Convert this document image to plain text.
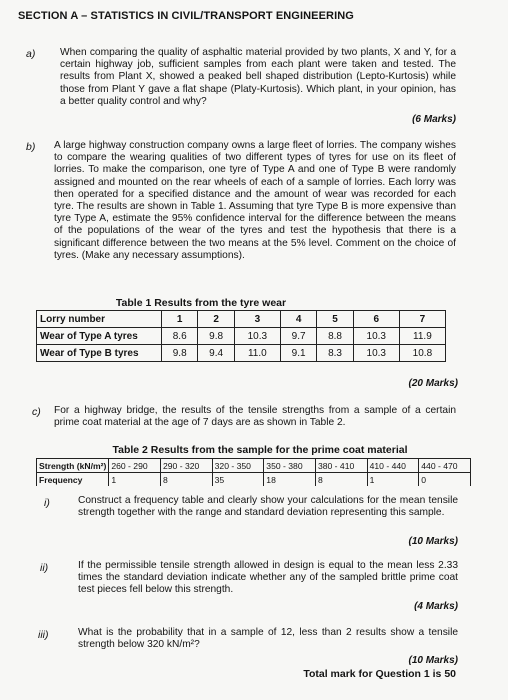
SECTION A – STATISTICS IN CIVIL/TRANSPORT ENGINEERING
a) When comparing the quality of asphaltic material provided by two plants, X and Y, for a certain highway job, sufficient samples from each plant were taken and tested. The results from Plant X, showed a peaked bell shaped distribution (Lepto-Kurtosis) while those from Plant Y gave a flat shape (Platy-Kurtosis). Which plant, in your opinion, has a better quality control and why?
(6 Marks)
b) A large highway construction company owns a large fleet of lorries. The company wishes to compare the wearing qualities of two different types of tyres for use on its fleet of lorries. To make the comparison, one tyre of Type A and one of Type B were randomly assigned and mounted on the rear wheels of each of a sample of lorries. Each lorry was then operated for a specified distance and the amount of wear was recorded for each tyre. The results are shown in Table 1. Assuming that tyre Type B is more expensive than tyre Type A, estimate the 95% confidence interval for the difference between the means of the populations of the wear of the tyres and test the hypothesis that there is a significant difference between the two means at the 5% level. Comment on the choice of tyres. (Make any necessary assumptions).
Table 1 Results from the tyre wear
Lorry number	1	2	3	4	5	6	7
Wear of Type A tyres	8.6	9.8	10.3	9.7	8.8	10.3	11.9
Wear of Type B tyres	9.8	9.4	11.0	9.1	8.3	10.3	10.8
(20 Marks)
c) For a highway bridge, the results of the tensile strengths from a sample of a certain prime coat material at the age of 7 days are as shown in Table 2.
Table 2 Results from the sample for the prime coat material
Strength (kN/m²)	260 - 290	290 - 320	320 - 350	350 - 380	380 - 410	410 - 440	440 - 470
Frequency	1	8	35	18	8	1	0
i)	Construct a frequency table and clearly show your calculations for the mean tensile strength together with the range and standard deviation representing this sample.
(10 Marks)
ii)	If the permissible tensile strength allowed in design is equal to the mean less 2.33 times the standard deviation indicate whether any of the sampled brittle prime coat test pieces fell below this strength.
(4 Marks)
iii)	What is the probability that in a sample of 12, less than 2 results show a tensile strength below 320 kN/m²?
(10 Marks)
Total mark for Question 1 is 50
